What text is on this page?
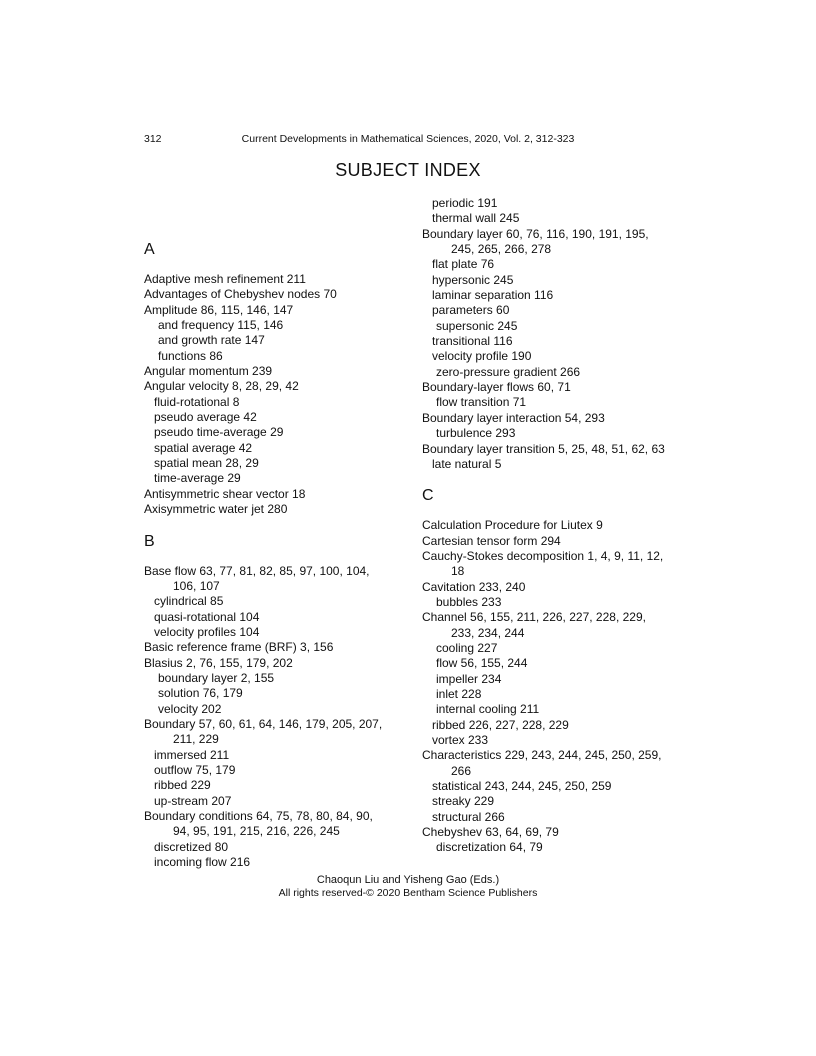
312	Current Developments in Mathematical Sciences, 2020, Vol. 2, 312-323
SUBJECT INDEX
A
Adaptive mesh refinement 211
Advantages of Chebyshev nodes 70
Amplitude 86, 115, 146, 147
and frequency 115, 146
and growth rate 147
functions 86
Angular momentum 239
Angular velocity 8, 28, 29, 42
fluid-rotational 8
pseudo average 42
pseudo time-average 29
spatial average 42
spatial mean 28, 29
time-average 29
Antisymmetric shear vector 18
Axisymmetric water jet 280
B
Base flow 63, 77, 81, 82, 85, 97, 100, 104,
106, 107
cylindrical 85
quasi-rotational 104
velocity profiles 104
Basic reference frame (BRF) 3, 156
Blasius 2, 76, 155, 179, 202
boundary layer 2, 155
solution 76, 179
velocity 202
Boundary 57, 60, 61, 64, 146, 179, 205, 207,
211, 229
immersed 211
outflow 75, 179
ribbed 229
up-stream 207
Boundary conditions 64, 75, 78, 80, 84, 90,
94, 95, 191, 215, 216, 226, 245
discretized 80
incoming flow 216
periodic 191
thermal wall 245
Boundary layer 60, 76, 116, 190, 191, 195,
245, 265, 266, 278
flat plate 76
hypersonic 245
laminar separation 116
parameters 60
supersonic 245
transitional 116
velocity profile 190
zero-pressure gradient 266
Boundary-layer flows 60, 71
flow transition 71
Boundary layer interaction 54, 293
turbulence 293
Boundary layer transition 5, 25, 48, 51, 62, 63
late natural 5
C
Calculation Procedure for Liutex 9
Cartesian tensor form 294
Cauchy-Stokes decomposition 1, 4, 9, 11, 12,
18
Cavitation 233, 240
bubbles 233
Channel 56, 155, 211, 226, 227, 228, 229,
233, 234, 244
cooling 227
flow 56, 155, 244
impeller 234
inlet 228
internal cooling 211
ribbed 226, 227, 228, 229
vortex 233
Characteristics 229, 243, 244, 245, 250, 259,
266
statistical 243, 244, 245, 250, 259
streaky 229
structural 266
Chebyshev 63, 64, 69, 79
discretization 64, 79
Chaoqun Liu and Yisheng Gao (Eds.)
All rights reserved-© 2020 Bentham Science Publishers
